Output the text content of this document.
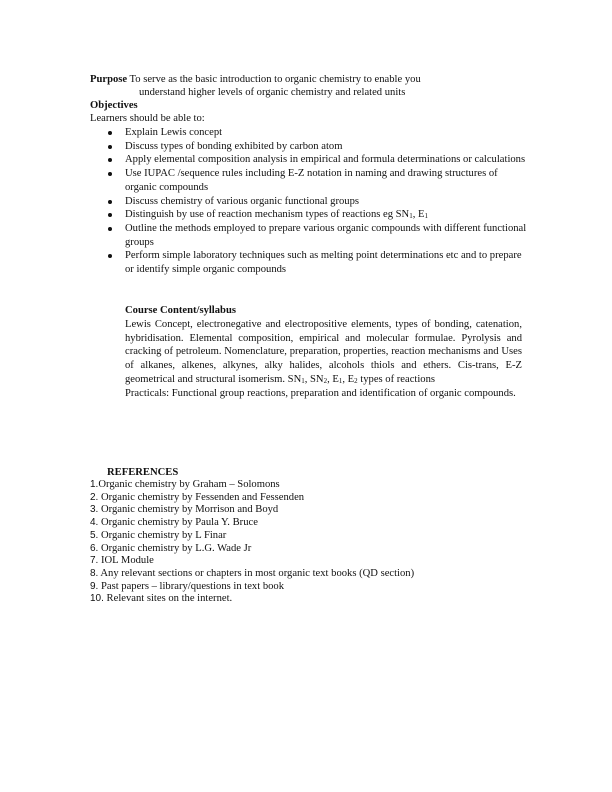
Purpose To serve as the basic introduction to organic chemistry to enable you
understand higher levels of organic chemistry and related units
Objectives
Learners should be able to:
Explain Lewis concept
Discuss types of bonding exhibited by carbon atom
Apply elemental composition analysis in empirical and formula determinations or calculations
Use IUPAC /sequence rules including E-Z notation in naming and drawing structures of organic compounds
Discuss chemistry of various organic functional groups
Distinguish by use of reaction mechanism types of reactions eg $SN_1$, $E_1$
Outline the methods employed to prepare various organic compounds with different functional groups
Perform simple laboratory techniques such as melting point determinations etc and to prepare or identify simple organic compounds
Course Content/syllabus

Lewis Concept, electronegative and electropositive elements, types of bonding, catenation, hybridisation. Elemental composition, empirical and molecular formulae. Pyrolysis and cracking of petroleum. Nomenclature, preparation, properties, reaction mechanisms and Uses of alkanes, alkenes, alkynes, alky halides, alcohols thiols and ethers. Cis-trans, E-Z geometrical and structural isomerism. $SN_1$, $SN_2$, $E_1$, $E_2$ types of reactions

Practicals: Functional group reactions, preparation and identification of organic compounds.

REFERENCES
1.Organic chemistry by Graham – Solomons
2. Organic chemistry by Fessenden and Fessenden
3. Organic chemistry by Morrison and Boyd
4. Organic chemistry by Paula Y. Bruce
5. Organic chemistry by L Finar
6. Organic chemistry by L.G. Wade Jr
7. IOL Module
8. Any relevant sections or chapters in most organic text books (QD section)
9. Past papers – library/questions in text book
10. Relevant sites on the internet.
